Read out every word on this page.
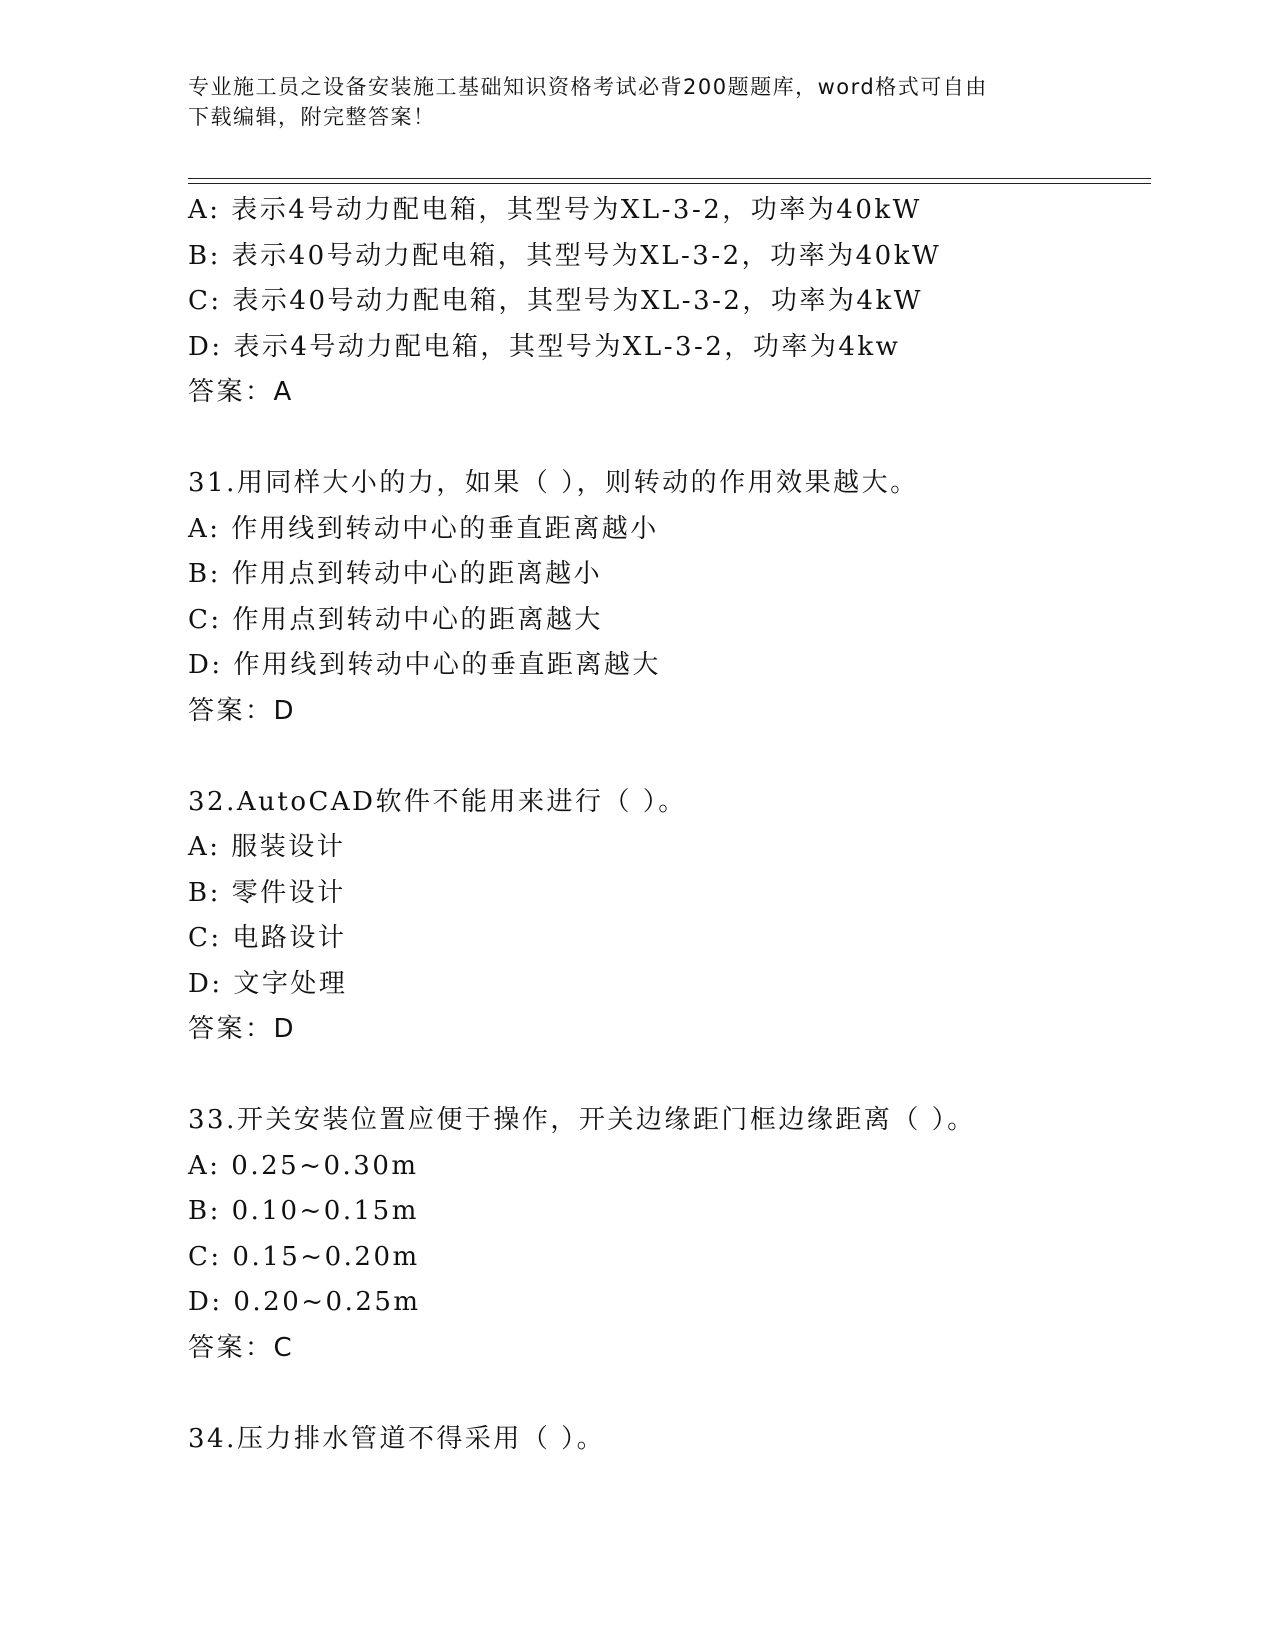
专业施工员之设备安装施工基础知识资格考试必背200题题库，word格式可自由
下载编辑，附完整答案！
A: 表示4号动力配电箱，其型号为XL-3-2，功率为40kW
B: 表示40号动力配电箱，其型号为XL-3-2，功率为40kW
C: 表示40号动力配电箱，其型号为XL-3-2，功率为4kW
D: 表示4号动力配电箱，其型号为XL-3-2，功率为4kw
答案：A
31.用同样大小的力，如果（ ），则转动的作用效果越大。
A: 作用线到转动中心的垂直距离越小
B: 作用点到转动中心的距离越小
C: 作用点到转动中心的距离越大
D: 作用线到转动中心的垂直距离越大
答案：D
32.AutoCAD软件不能用来进行（ ）。
A: 服装设计
B: 零件设计
C: 电路设计
D: 文字处理
答案：D
33.开关安装位置应便于操作，开关边缘距门框边缘距离（ ）。
A: 0.25~0.30m
B: 0.10~0.15m
C: 0.15~0.20m
D: 0.20~0.25m
答案：C
34.压力排水管道不得采用（ ）。
